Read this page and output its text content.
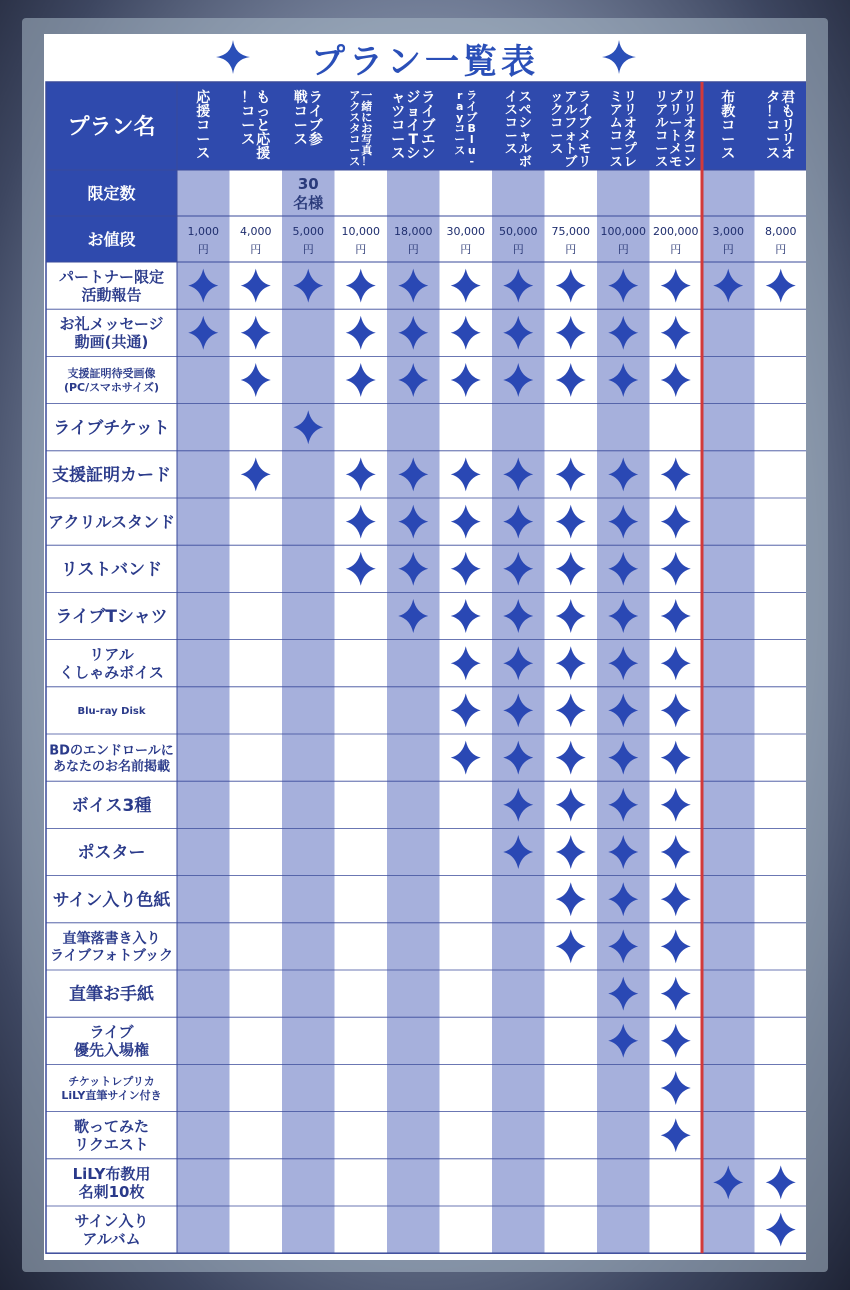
プラン一覧表
プラン名
限定数
お値段
応援コース
1,000 円
もっと応援！コース
4,000 円
ライブ参戦コース
30 名様
5,000 円
一緒にお写真！アクスタコース
10,000 円
ライブエンジョイ T シャツコース
18,000 円
ライブ B l u -r a y コース
30,000 円
スペシャルボイスコース
50,000 円
ライブメモリアルフォトブックコース
75,000 円
リリオタプレミアムコース
100,000 円
リリオタコンプリートメモリアルコース
200,000 円
布教コース
3,000 円
君もリリオタ！コース
8,000 円
パートナー限定活動報告
お礼メッセージ動画(共通)
支援証明待受画像(PC/スマホサイズ)
ライブチケット
支援証明カード
アクリルスタンド
リストバンド
ライブTシャツ
リアルくしゃみボイス
Blu-ray Disk
BDのエンドロールにあなたのお名前掲載
ボイス3種
ポスター
サイン入り色紙
直筆落書き入りライブフォトブック
直筆お手紙
ライブ優先入場権
チケットレプリカ LiLY直筆サイン付き
歌ってみたリクエスト
LiLY布教用名刺10枚
サイン入りアルバム
